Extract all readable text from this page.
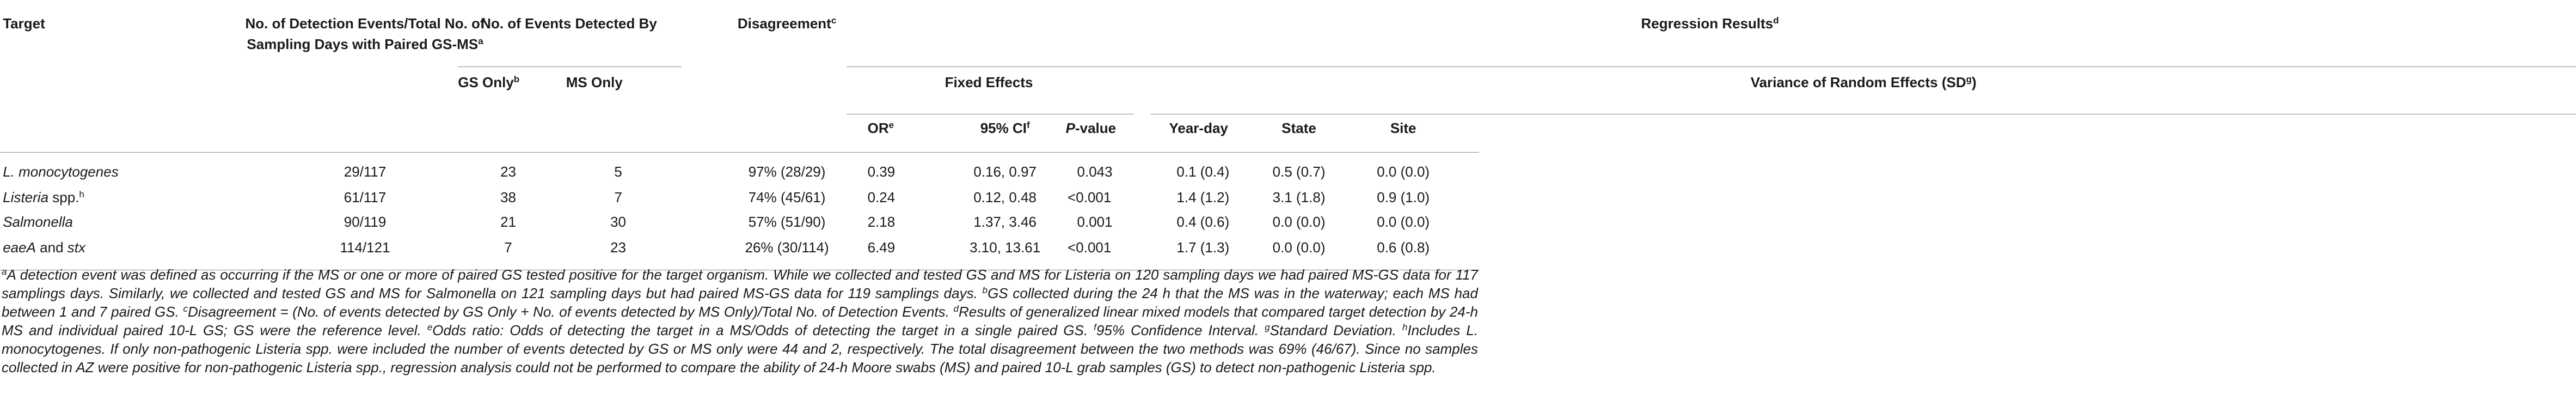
Target	No. of Detection Events/Total No. of
Sampling Days with Paired $GS-MS^a$
No. of Events Detected By	Disagreement$^c$	Regression Results$^d$
GS Only$^b$	MS Only	Fixed Effects	Variance of Random Effects $(SD^g)$
$OR^e$	95% $CI^f$	P-value	Year-day	State	Site
L. monocytogenes	29/117	23	5	97% (28/29)	0.39	0.16, 0.97	0.043	0.1 (0.4)	0.5 (0.7)	0.0 (0.0)
Listeria spp.$^h$	61/117	38	7	74% (45/61)	0.24	0.12, 0.48	<0.001	1.4 (1.2)	3.1 (1.8)	0.9 (1.0)
Salmonella	90/119	21	30	57% (51/90)	2.18	1.37, 3.46	0.001	0.4 (0.6)	0.0 (0.0)	0.0 (0.0)
eaeA and stx	114/121	7	23	26% (30/114)	6.49	3.10, 13.61	<0.001	1.7 (1.3)	0.0 (0.0)	0.6 (0.8)
$^a$A detection event was defined as occurring if the MS or one or more of paired GS tested positive for the target organism. While we collected and tested GS and MS for Listeria on 120 sampling days we had paired MS-GS data for 117 samplings days. Similarly, we collected and tested GS and MS for Salmonella on 121 sampling days but had paired MS-GS data for 119 samplings days. $^b$GS collected during the 24 h that the MS was in the waterway; each MS had between 1 and 7 paired GS. $^c$Disagreement = (No. of events detected by GS Only + No. of events detected by MS Only)/Total No. of Detection Events. $^d$Results of generalized linear mixed models that compared target detection by 24-h MS and individual paired 10-L GS; GS were the reference level. $^e$Odds ratio: Odds of detecting the target in a MS/Odds of detecting the target in a single paired GS. $^f$95% Confidence Interval. $^g$Standard Deviation. $^h$Includes L. monocytogenes. If only non-pathogenic Listeria spp. were included the number of events detected by GS or MS only were 44 and 2, respectively. The total disagreement between the two methods was 69% (46/67). Since no samples collected in AZ were positive for non-pathogenic Listeria spp., regression analysis could not be performed to compare the ability of 24-h Moore swabs (MS) and paired 10-L grab samples (GS) to detect non-pathogenic Listeria spp.
